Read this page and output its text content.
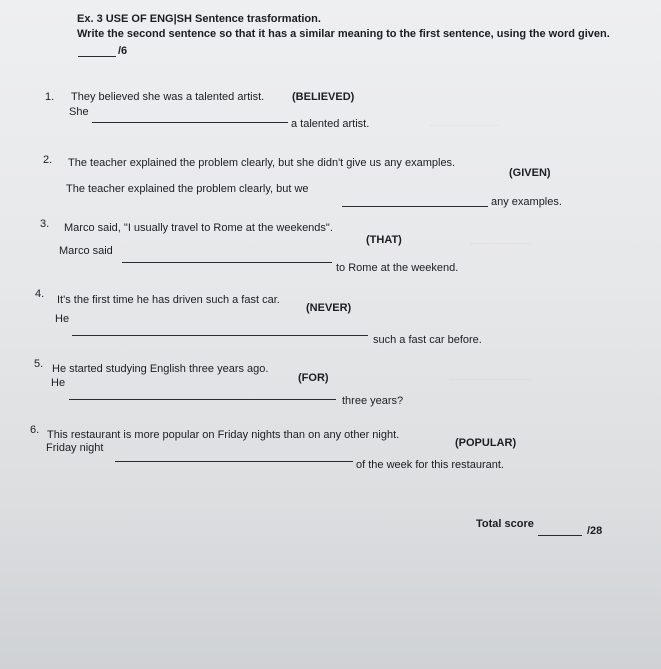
.........................
......................
.............................
Ex. 3 USE OF ENG|SH Sentence trasformation.
Write the second sentence so that it has a similar meaning to the first sentence, using the word given.
/6
1. They believed she was a talented artist.	(BELIEVED)
She
a talented artist.
2. The teacher explained the problem clearly, but she didn't give us any examples.
(GIVEN)
The teacher explained the problem clearly, but we
any examples.
3. Marco said, "I usually travel to Rome at the weekends".
(THAT)
Marco said
to Rome at the weekend.
4. It's the first time he has driven such a fast car.
(NEVER)
He
such a fast car before.
5. He started studying English three years ago.
(FOR)
He
three years?
6. This restaurant is more popular on Friday nights than on any other night.
(POPULAR)
Friday night
of the week for this restaurant.
Total score
/28
